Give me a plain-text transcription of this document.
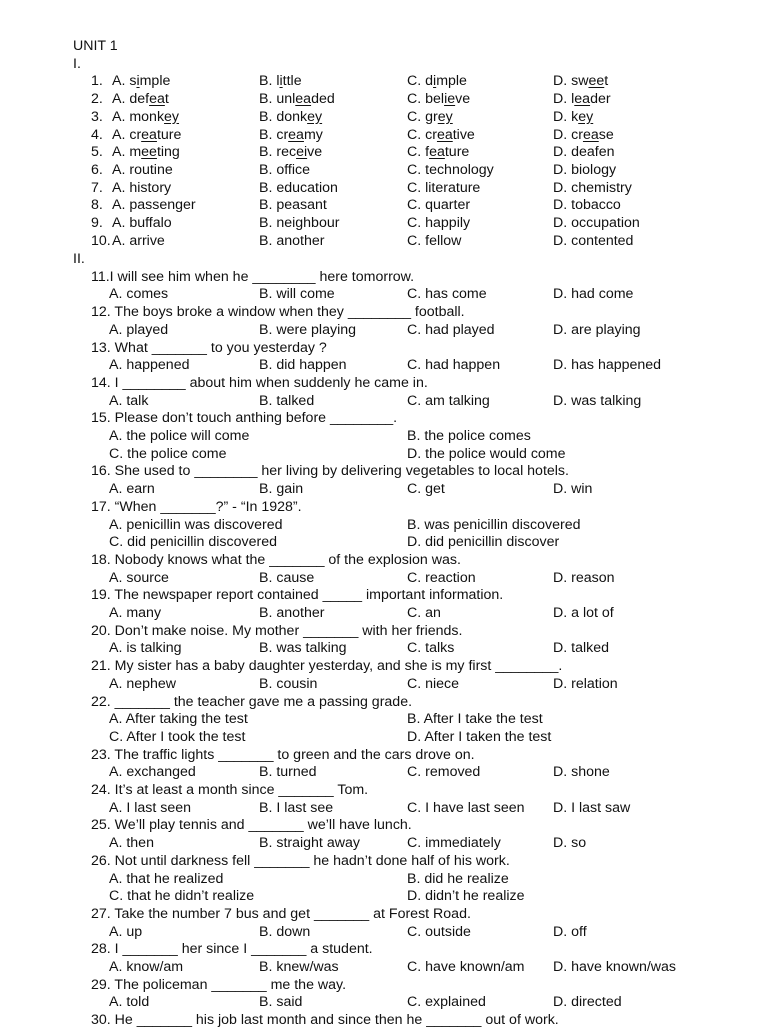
UNIT 1
I.
1. A. simple	B. little	C. dimple	D. sweet
2. A. defeat	B. unleaded	C. believe	D. leader
3. A. monkey	B. donkey	C. grey	D. key
4. A. creature	B. creamy	C. creative	D. crease
5. A. meeting	B. receive	C. feature	D. deafen
6. A. routine	B. office	C. technology	D. biology
7. A. history	B. education	C. literature	D. chemistry
8. A. passenger	B. peasant	C. quarter	D. tobacco
9. A. buffalo	B. neighbour	C. happily	D. occupation
10. A. arrive	B. another	C. fellow	D. contented
II.
11.I will see him when he ________ here tomorrow.
A. comes	B. will come	C. has come	D. had come
12. The boys broke a window when they ________ football.
A. played	B. were playing	C. had played	D. are playing
13. What _______ to you yesterday ?
A. happened	B. did happen	C. had happen	D. has happened
14. I ________ about him when suddenly he came in.
A. talk	B. talked	C. am talking	D. was talking
15. Please don’t touch anthing before ________.
A. the police will come	B. the police comes
C. the police come	D. the police would come
16. She used to ________ her living by delivering vegetables to local hotels.
A. earn	B. gain	C. get	D. win
17. “When _______?” - “In 1928”.
A. penicillin was discovered	B. was penicillin discovered
C. did penicillin discovered	D. did penicillin discover
18. Nobody knows what the _______ of the explosion was.
A. source	B. cause	C. reaction	D. reason
19. The newspaper report contained _____ important information.
A. many	B. another	C. an	D. a lot of
20. Don’t make noise. My mother _______ with her friends.
A. is talking	B. was talking	C. talks	D. talked
21. My sister has a baby daughter yesterday, and she is my first ________.
A. nephew	B. cousin	C. niece	D. relation
22. _______ the teacher gave me a passing grade.
A. After taking the test	B. After I take the test
C. After I took the test	D. After I taken the test
23. The traffic lights _______ to green and the cars drove on.
A. exchanged	B. turned	C. removed	D. shone
24. It’s at least a month since _______ Tom.
A. I last seen	B. I last see	C. I have last seen D. I last saw
25. We’ll play tennis and _______ we’ll have lunch.
A. then	B. straight away	C. immediately	D. so
26. Not until darkness fell _______ he hadn’t done half of his work.
A. that he realized	B. did he realize
C. that he didn’t realize	D. didn’t he realize
27. Take the number 7 bus and get _______ at Forest Road.
A. up	B. down	C. outside	D. off
28. I _______ her since I _______ a student.
A. know/am	B. knew/was	C. have known/am D. have known/was
29. The policeman _______ me the way.
A. told	B. said	C. explained	D. directed
30. He _______ his job last month and since then he _______ out of work.
